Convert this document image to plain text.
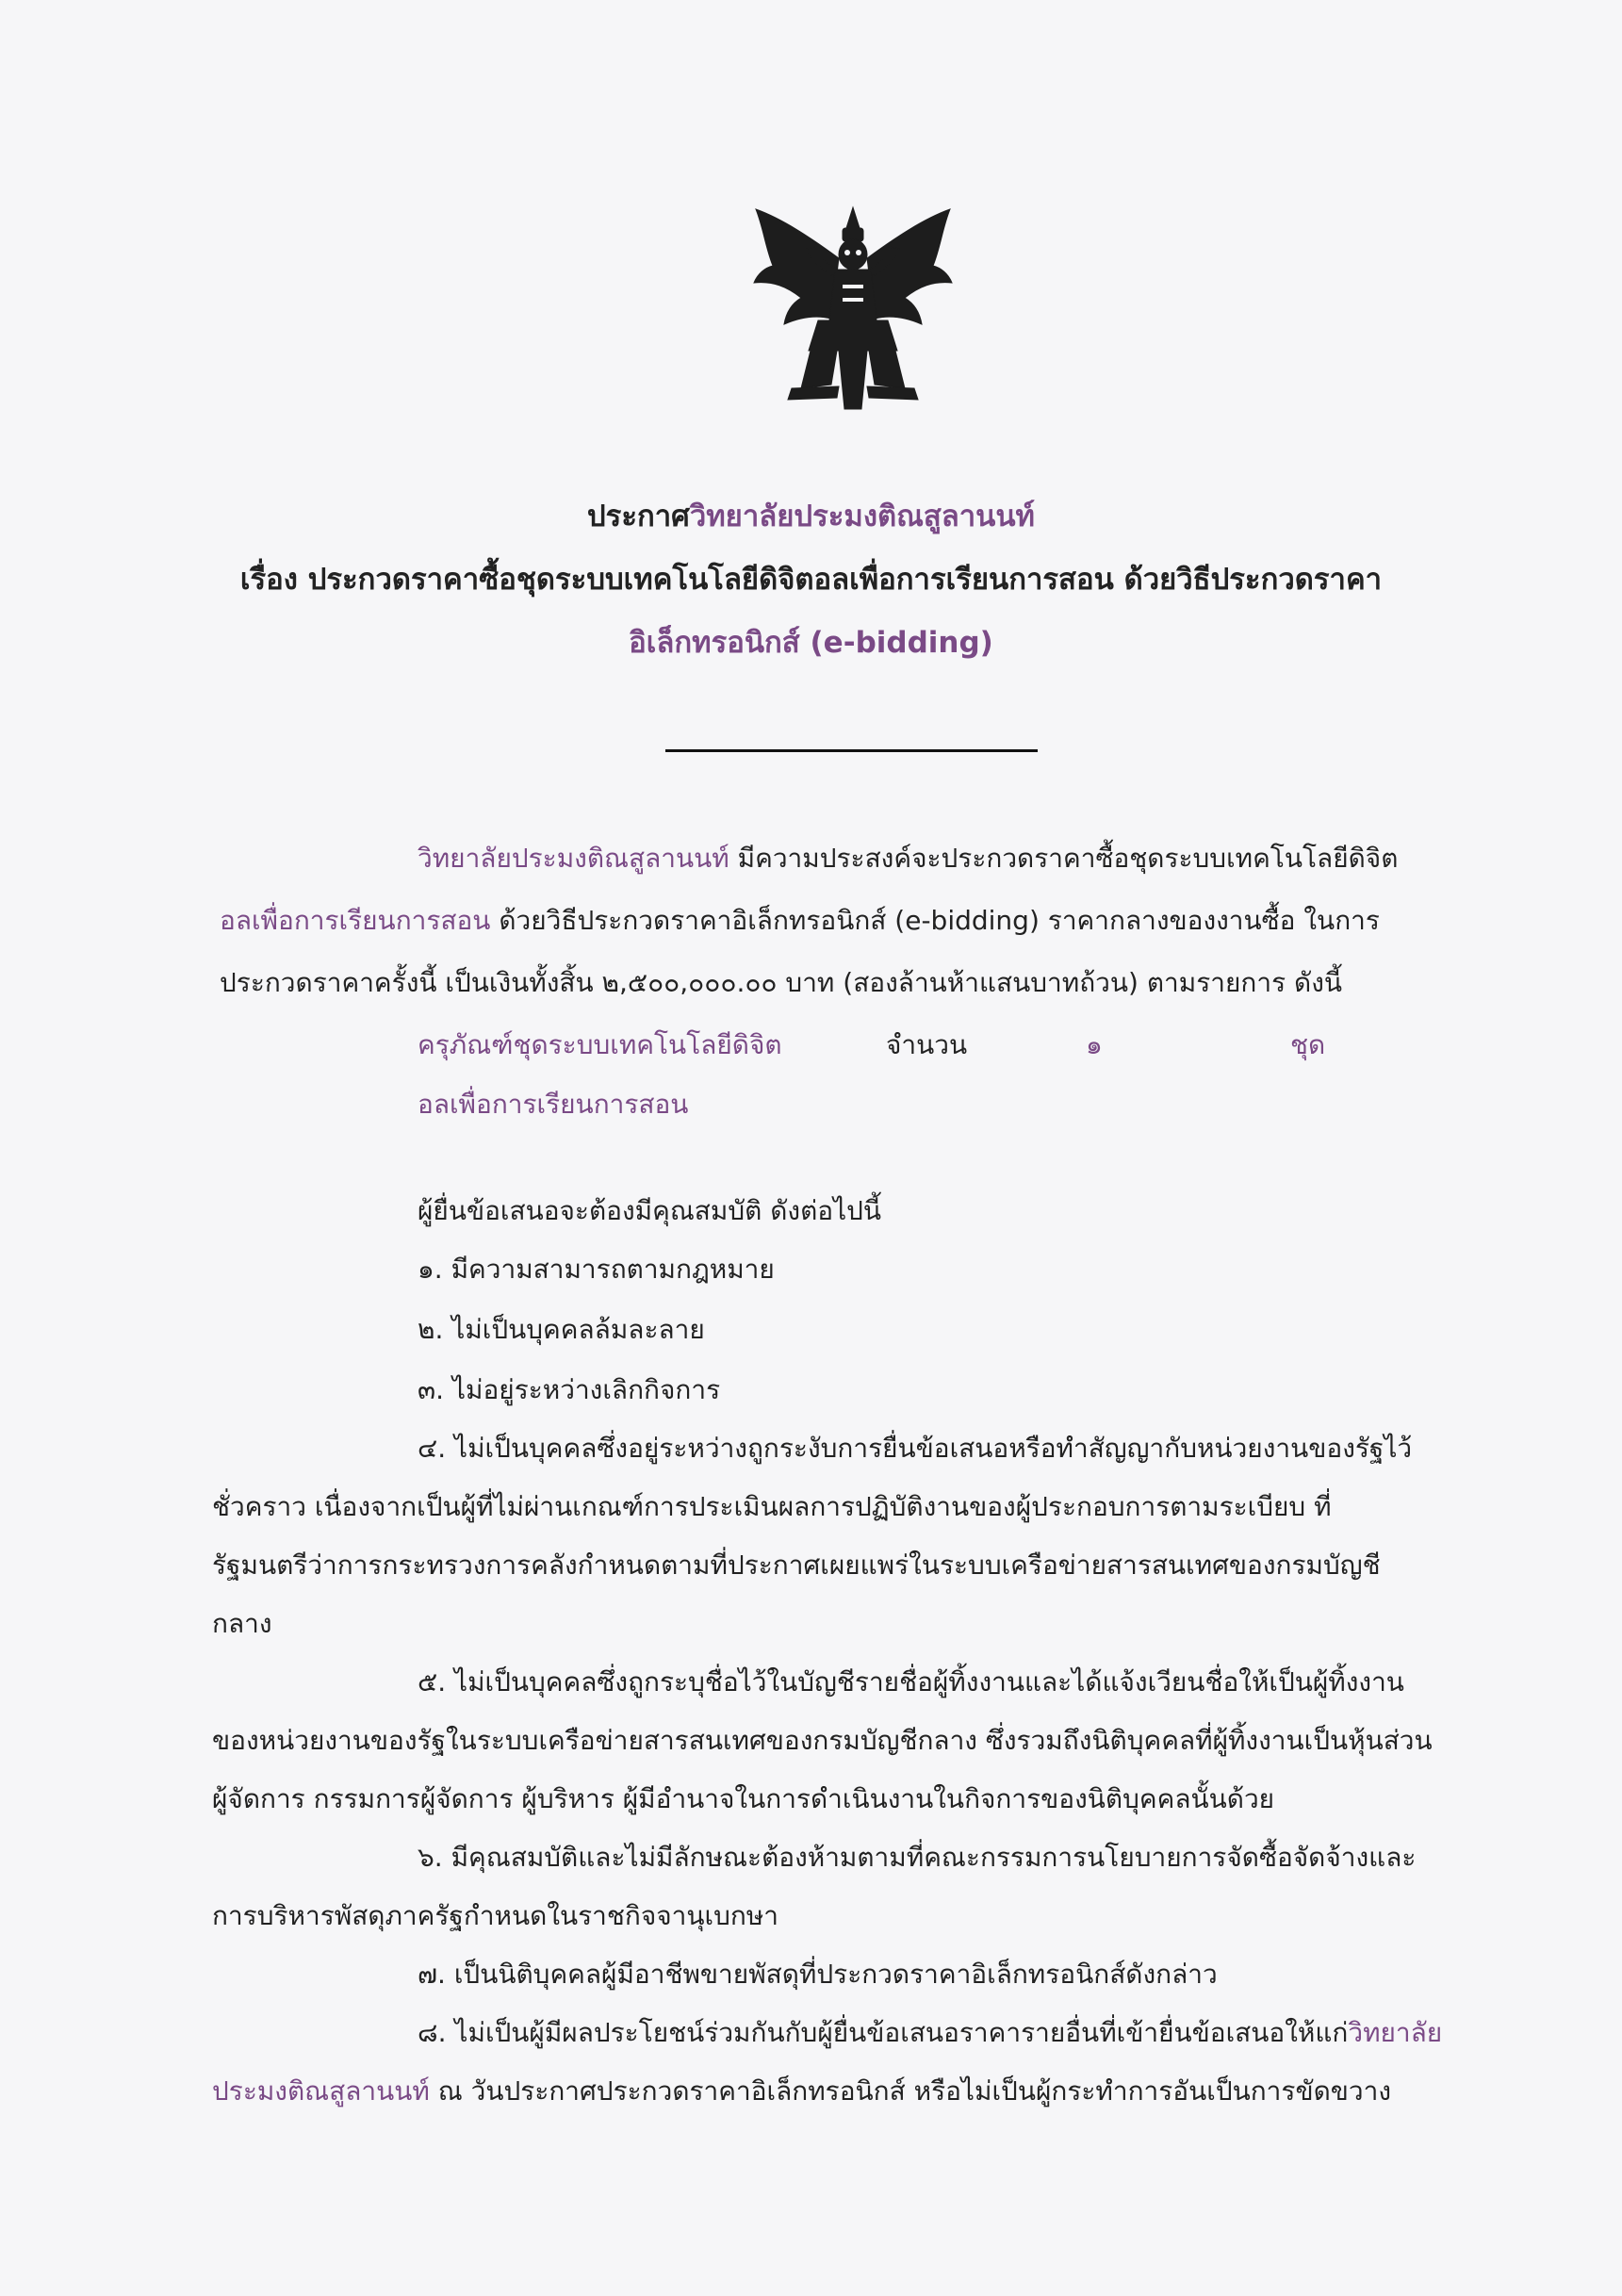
ประกาศวิทยาลัยประมงติณสูลานนท์
เรื่อง ประกวดราคาซื้อชุดระบบเทคโนโลยีดิจิตอลเพื่อการเรียนการสอน ด้วยวิธีประกวดราคา
อิเล็กทรอนิกส์ (e-bidding)
วิทยาลัยประมงติณสูลานนท์ มีความประสงค์จะประกวดราคาซื้อชุดระบบเทคโนโลยีดิจิต
อลเพื่อการเรียนการสอน ด้วยวิธีประกวดราคาอิเล็กทรอนิกส์ (e-bidding) ราคากลางของงานซื้อ ในการ
ประกวดราคาครั้งนี้ เป็นเงินทั้งสิ้น ๒,๕๐๐,๐๐๐.๐๐ บาท (สองล้านห้าแสนบาทถ้วน) ตามรายการ ดังนี้
ครุภัณฑ์ชุดระบบเทคโนโลยีดิจิต	จำนวน	๑	ชุด
อลเพื่อการเรียนการสอน
ผู้ยื่นข้อเสนอจะต้องมีคุณสมบัติ ดังต่อไปนี้
๑. มีความสามารถตามกฎหมาย
๒. ไม่เป็นบุคคลล้มละลาย
๓. ไม่อยู่ระหว่างเลิกกิจการ
๔. ไม่เป็นบุคคลซึ่งอยู่ระหว่างถูกระงับการยื่นข้อเสนอหรือทำสัญญากับหน่วยงานของรัฐไว้
ชั่วคราว เนื่องจากเป็นผู้ที่ไม่ผ่านเกณฑ์การประเมินผลการปฏิบัติงานของผู้ประกอบการตามระเบียบ ที่
รัฐมนตรีว่าการกระทรวงการคลังกำหนดตามที่ประกาศเผยแพร่ในระบบเครือข่ายสารสนเทศของกรมบัญชี
กลาง
๕. ไม่เป็นบุคคลซึ่งถูกระบุชื่อไว้ในบัญชีรายชื่อผู้ทิ้งงานและได้แจ้งเวียนชื่อให้เป็นผู้ทิ้งงาน
ของหน่วยงานของรัฐในระบบเครือข่ายสารสนเทศของกรมบัญชีกลาง ซึ่งรวมถึงนิติบุคคลที่ผู้ทิ้งงานเป็นหุ้นส่วน
ผู้จัดการ กรรมการผู้จัดการ ผู้บริหาร ผู้มีอำนาจในการดำเนินงานในกิจการของนิติบุคคลนั้นด้วย
๖. มีคุณสมบัติและไม่มีลักษณะต้องห้ามตามที่คณะกรรมการนโยบายการจัดซื้อจัดจ้างและ
การบริหารพัสดุภาครัฐกำหนดในราชกิจจานุเบกษา
๗. เป็นนิติบุคคลผู้มีอาชีพขายพัสดุที่ประกวดราคาอิเล็กทรอนิกส์ดังกล่าว
๘. ไม่เป็นผู้มีผลประโยชน์ร่วมกันกับผู้ยื่นข้อเสนอราคารายอื่นที่เข้ายื่นข้อเสนอให้แก่วิทยาลัย
ประมงติณสูลานนท์ ณ วันประกาศประกวดราคาอิเล็กทรอนิกส์ หรือไม่เป็นผู้กระทำการอันเป็นการขัดขวาง
